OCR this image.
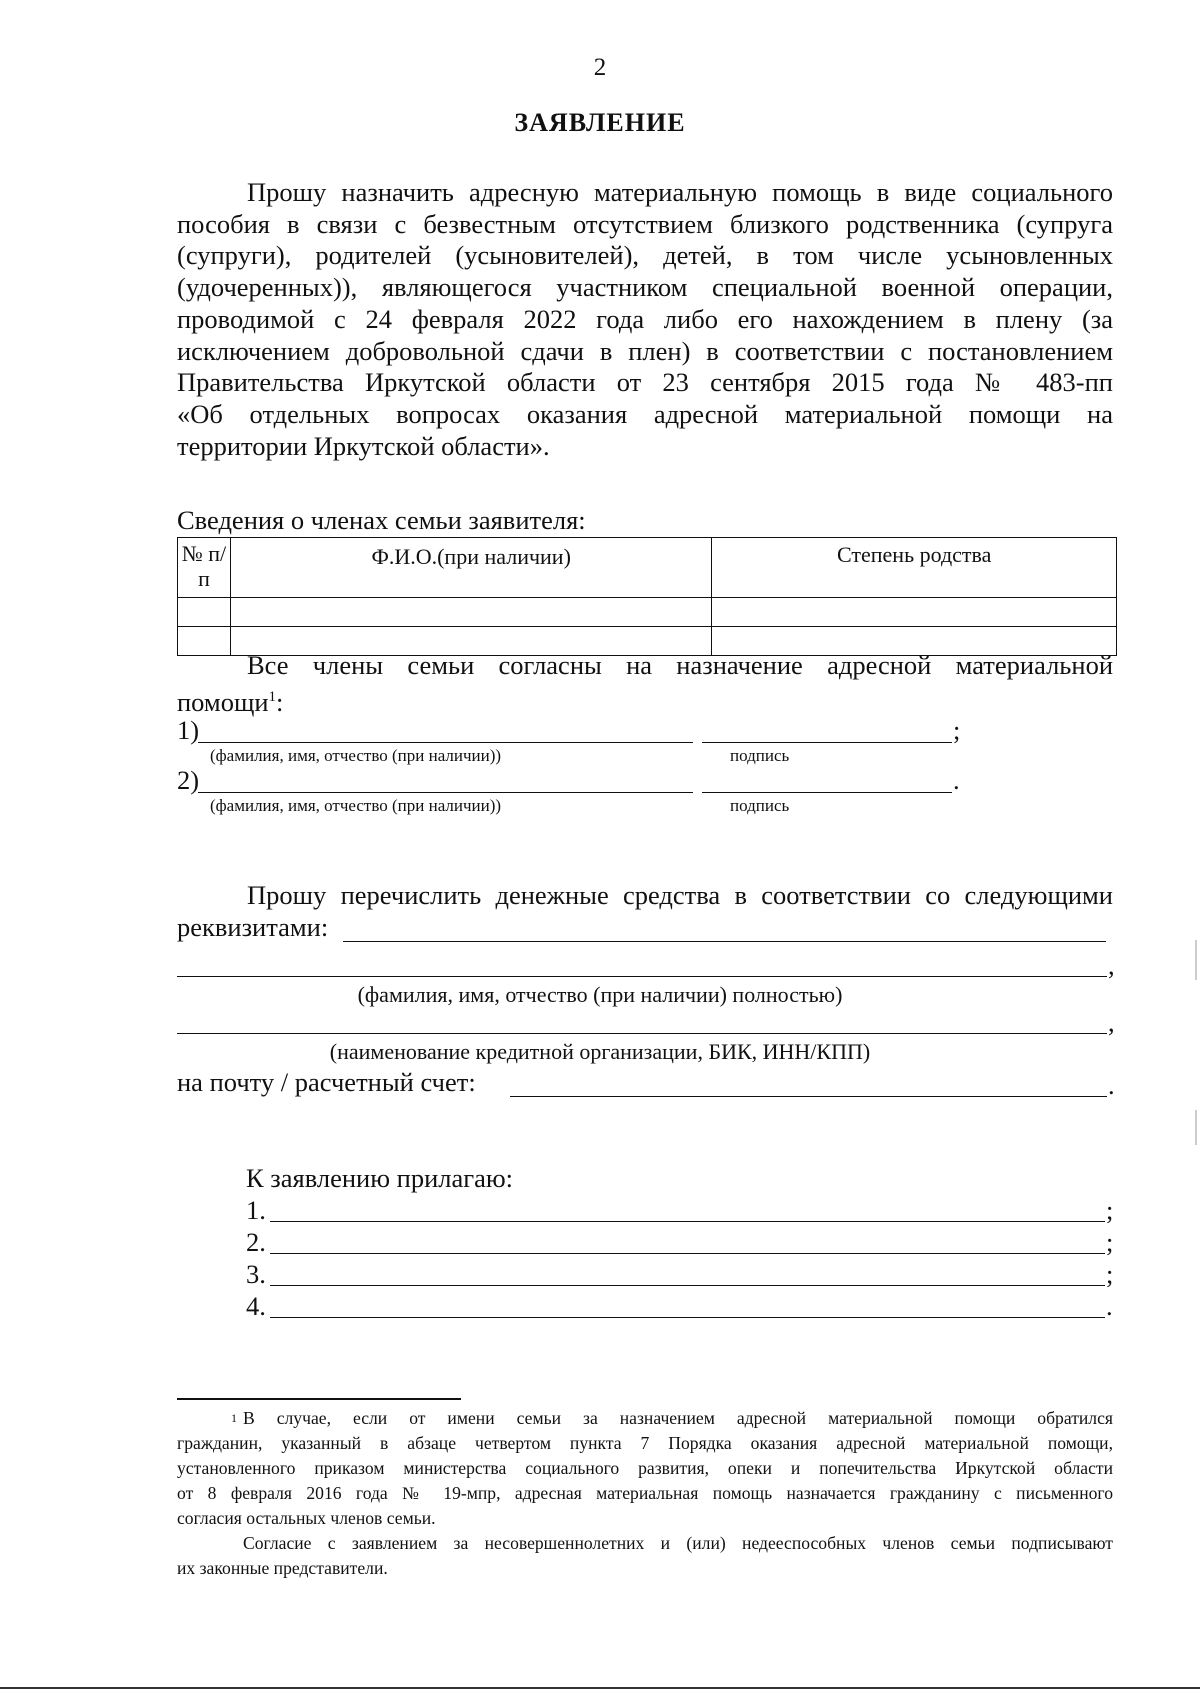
2
ЗАЯВЛЕНИЕ
Прошу назначить адресную материальную помощь в виде социального
пособия в связи с безвестным отсутствием близкого родственника (супруга
(супруги), родителей (усыновителей), детей, в том числе усыновленных
(удочеренных)), являющегося участником специальной военной операции,
проводимой с 24 февраля 2022 года либо его нахождением в плену (за
исключением добровольной сдачи в плен) в соответствии с постановлением
Правительства Иркутской области от 23 сентября 2015 года № 483-пп
«Об отдельных вопросах оказания адресной материальной помощи на
территории Иркутской области».
Сведения о членах семьи заявителя:
№ п/п	Ф.И.О.(при наличии)	Степень родства

Все члены семьи согласны на назначение адресной материальной
помощи$^1$:
1)	;
(фамилия, имя, отчество (при наличии))	подпись
2)	.
(фамилия, имя, отчество (при наличии))	подпись
Прошу перечислить денежные средства в соответствии со следующими
реквизитами:
,
(фамилия, имя, отчество (при наличии) полностью)
,
(наименование кредитной организации, БИК, ИНН/КПП)
на почту / расчетный счет:	.
К заявлению прилагаю:
1.	;
2.	;
3.	;
4.	.
1 В случае, если от имени семьи за назначением адресной материальной помощи обратился
гражданин, указанный в абзаце четвертом пункта 7 Порядка оказания адресной материальной помощи,
установленного приказом министерства социального развития, опеки и попечительства Иркутской области
от 8 февраля 2016 года № 19-мпр, адресная материальная помощь назначается гражданину с письменного
согласия остальных членов семьи.
Согласие с заявлением за несовершеннолетних и (или) недееспособных членов семьи подписывают
их законные представители.
